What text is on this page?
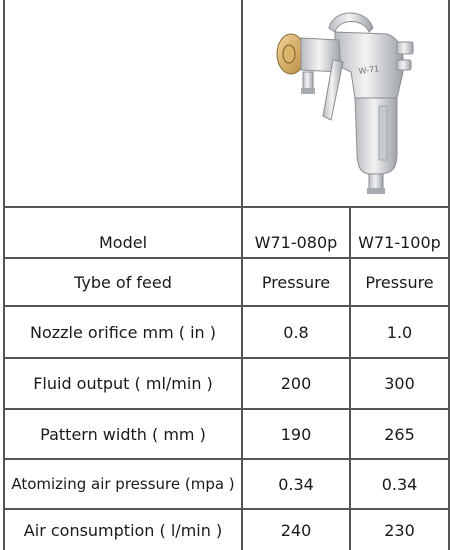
W-71
Model	W71-080p	W71-100p
Tybe of feed	Pressure	Pressure
Nozzle orifice mm ( in )	0.8	1.0
Fluid output ( ml/min )	200	300
Pattern width ( mm )	190	265
Atomizing air pressure (mpa )	0.34	0.34
Air consumption ( l/min )	240	230
